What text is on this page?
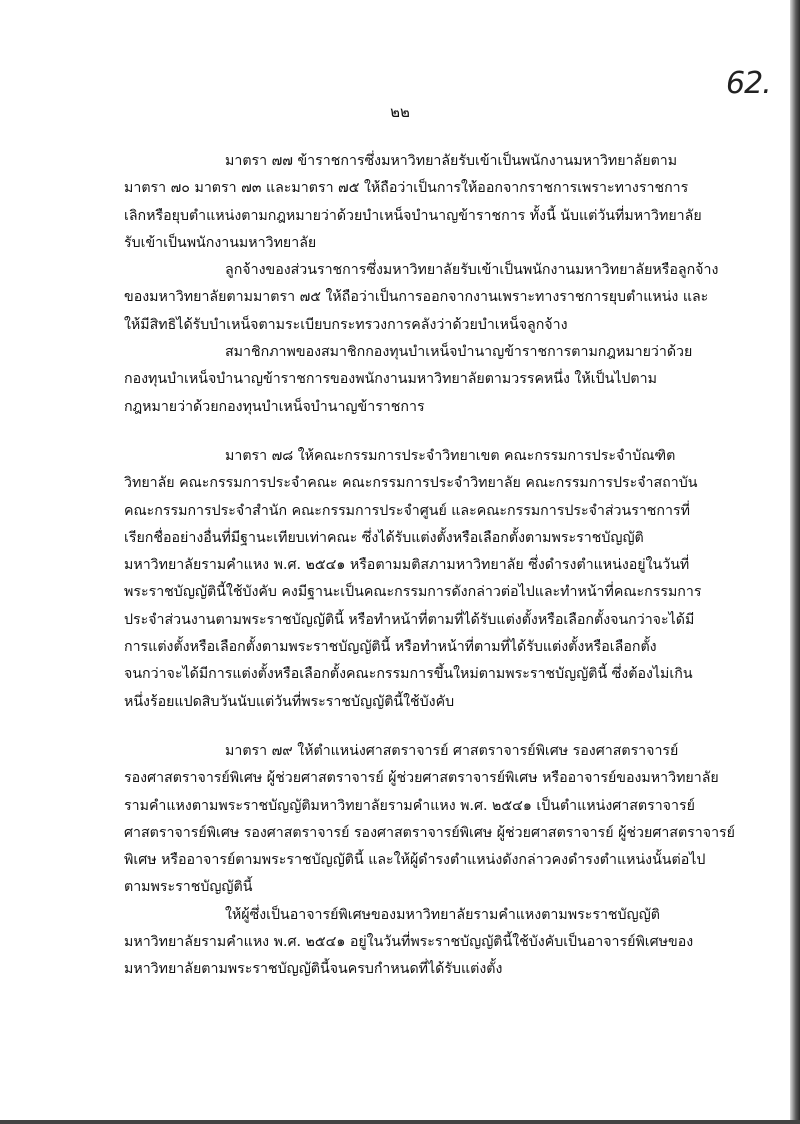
62.
๒๒
มาตรา ๗๗ ข้าราชการซึ่งมหาวิทยาลัยรับเข้าเป็นพนักงานมหาวิทยาลัยตาม
มาตรา ๗๐ มาตรา ๗๓ และมาตรา ๗๕ ให้ถือว่าเป็นการให้ออกจากราชการเพราะทางราชการ
เลิกหรือยุบตำแหน่งตามกฎหมายว่าด้วยบำเหน็จบำนาญข้าราชการ ทั้งนี้ นับแต่วันที่มหาวิทยาลัย
รับเข้าเป็นพนักงานมหาวิทยาลัย
ลูกจ้างของส่วนราชการซึ่งมหาวิทยาลัยรับเข้าเป็นพนักงานมหาวิทยาลัยหรือลูกจ้าง
ของมหาวิทยาลัยตามมาตรา ๗๕ ให้ถือว่าเป็นการออกจากงานเพราะทางราชการยุบตำแหน่ง และ
ให้มีสิทธิได้รับบำเหน็จตามระเบียบกระทรวงการคลังว่าด้วยบำเหน็จลูกจ้าง
สมาชิกภาพของสมาชิกกองทุนบำเหน็จบำนาญข้าราชการตามกฎหมายว่าด้วย
กองทุนบำเหน็จบำนาญข้าราชการของพนักงานมหาวิทยาลัยตามวรรคหนึ่ง ให้เป็นไปตาม
กฎหมายว่าด้วยกองทุนบำเหน็จบำนาญข้าราชการ
มาตรา ๗๘ ให้คณะกรรมการประจำวิทยาเขต คณะกรรมการประจำบัณฑิต
วิทยาลัย คณะกรรมการประจำคณะ คณะกรรมการประจำวิทยาลัย คณะกรรมการประจำสถาบัน
คณะกรรมการประจำสำนัก คณะกรรมการประจำศูนย์ และคณะกรรมการประจำส่วนราชการที่
เรียกชื่ออย่างอื่นที่มีฐานะเทียบเท่าคณะ ซึ่งได้รับแต่งตั้งหรือเลือกตั้งตามพระราชบัญญัติ
มหาวิทยาลัยรามคำแหง พ.ศ. ๒๕๔๑ หรือตามมติสภามหาวิทยาลัย ซึ่งดำรงตำแหน่งอยู่ในวันที่
พระราชบัญญัตินี้ใช้บังคับ คงมีฐานะเป็นคณะกรรมการดังกล่าวต่อไปและทำหน้าที่คณะกรรมการ
ประจำส่วนงานตามพระราชบัญญัตินี้ หรือทำหน้าที่ตามที่ได้รับแต่งตั้งหรือเลือกตั้งจนกว่าจะได้มี
การแต่งตั้งหรือเลือกตั้งตามพระราชบัญญัตินี้ หรือทำหน้าที่ตามที่ได้รับแต่งตั้งหรือเลือกตั้ง
จนกว่าจะได้มีการแต่งตั้งหรือเลือกตั้งคณะกรรมการขึ้นใหม่ตามพระราชบัญญัตินี้ ซึ่งต้องไม่เกิน
หนึ่งร้อยแปดสิบวันนับแต่วันที่พระราชบัญญัตินี้ใช้บังคับ
มาตรา ๗๙ ให้ตำแหน่งศาสตราจารย์ ศาสตราจารย์พิเศษ รองศาสตราจารย์
รองศาสตราจารย์พิเศษ ผู้ช่วยศาสตราจารย์ ผู้ช่วยศาสตราจารย์พิเศษ หรืออาจารย์ของมหาวิทยาลัย
รามคำแหงตามพระราชบัญญัติมหาวิทยาลัยรามคำแหง พ.ศ. ๒๕๔๑ เป็นตำแหน่งศาสตราจารย์
ศาสตราจารย์พิเศษ รองศาสตราจารย์ รองศาสตราจารย์พิเศษ ผู้ช่วยศาสตราจารย์ ผู้ช่วยศาสตราจารย์
พิเศษ หรืออาจารย์ตามพระราชบัญญัตินี้ และให้ผู้ดำรงตำแหน่งดังกล่าวคงดำรงตำแหน่งนั้นต่อไป
ตามพระราชบัญญัตินี้
ให้ผู้ซึ่งเป็นอาจารย์พิเศษของมหาวิทยาลัยรามคำแหงตามพระราชบัญญัติ
มหาวิทยาลัยรามคำแหง พ.ศ. ๒๕๔๑ อยู่ในวันที่พระราชบัญญัตินี้ใช้บังคับเป็นอาจารย์พิเศษของ
มหาวิทยาลัยตามพระราชบัญญัตินี้จนครบกำหนดที่ได้รับแต่งตั้ง
